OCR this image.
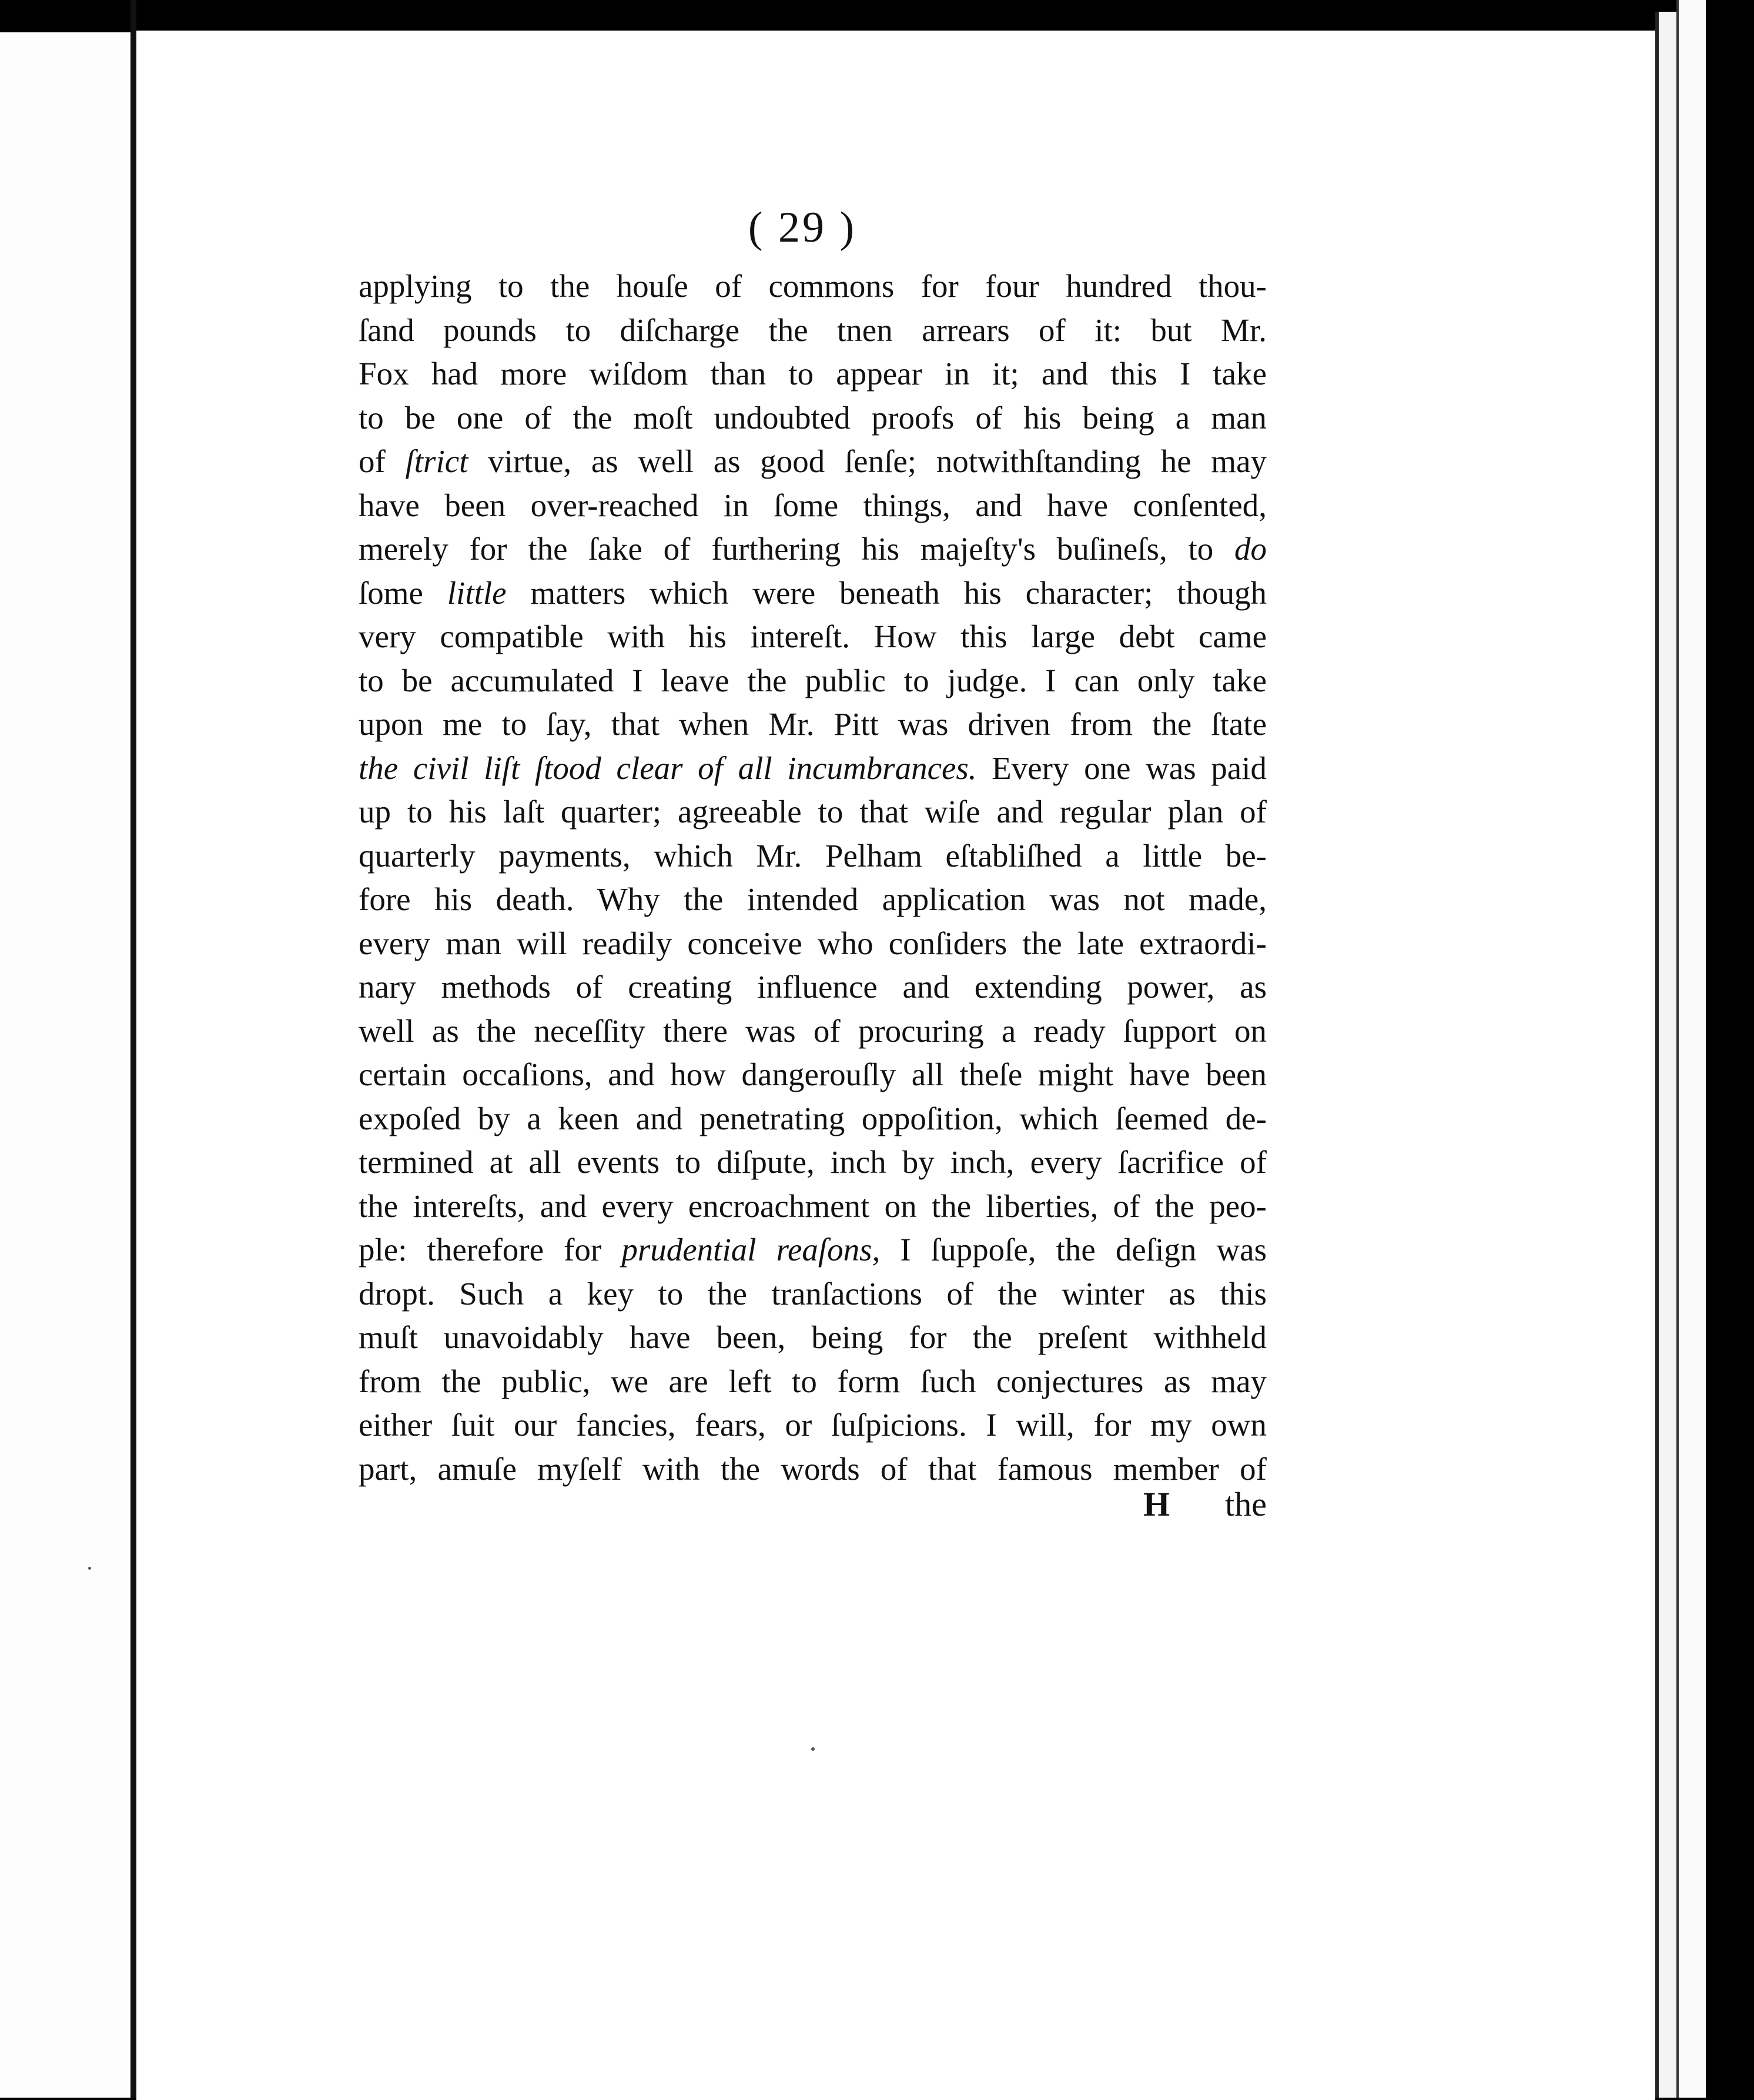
( 29 )
applying to the houſe of commons for four hundred thou-
ſand pounds to diſcharge the tnen arrears of it: but Mr.
Fox had more wiſdom than to appear in it; and this I take
to be one of the moſt undoubted proofs of his being a man
of ſtrict virtue, as well as good ſenſe; notwithſtanding he may
have been over-reached in ſome things, and have conſented,
merely for the ſake of furthering his majeſty's buſineſs, to do
ſome little matters which were beneath his character; though
very compatible with his intereſt. How this large debt came
to be accumulated I leave the public to judge. I can only take
upon me to ſay, that when Mr. Pitt was driven from the ſtate
the civil liſt ſtood clear of all incumbrances. Every one was paid
up to his laſt quarter; agreeable to that wiſe and regular plan of
quarterly payments, which Mr. Pelham eſtabliſhed a little be-
fore his death. Why the intended application was not made,
every man will readily conceive who conſiders the late extraordi-
nary methods of creating influence and extending power, as
well as the neceſſity there was of procuring a ready ſupport on
certain occaſions, and how dangerouſly all theſe might have been
expoſed by a keen and penetrating oppoſition, which ſeemed de-
termined at all events to diſpute, inch by inch, every ſacrifice of
the intereſts, and every encroachment on the liberties, of the peo-
ple: therefore for prudential reaſons, I ſuppoſe, the deſign was
dropt. Such a key to the tranſactions of the winter as this
muſt unavoidably have been, being for the preſent withheld
from the public, we are left to form ſuch conjectures as may
either ſuit our fancies, fears, or ſuſpicions. I will, for my own
part, amuſe myſelf with the words of that famous member of
H the
